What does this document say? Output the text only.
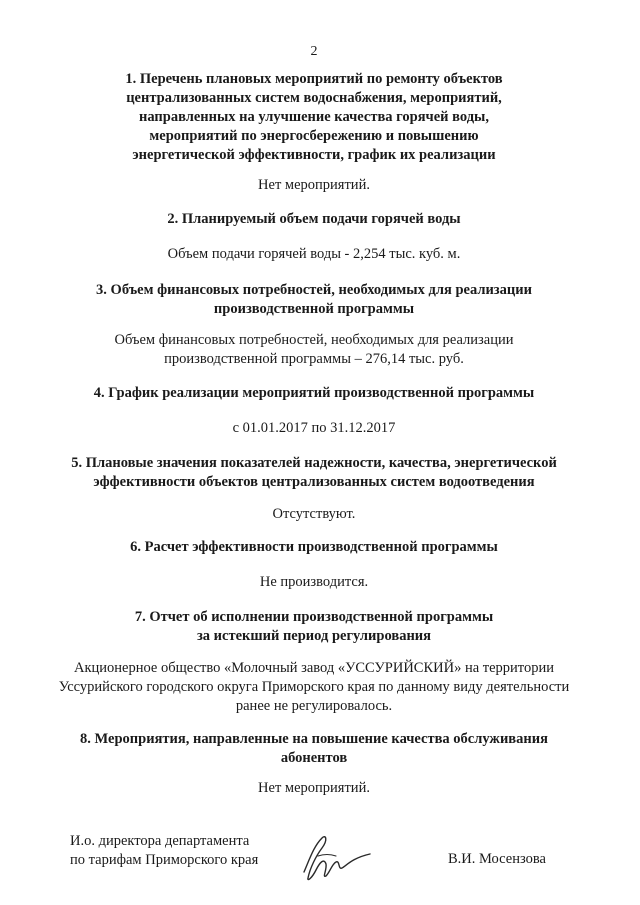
2
1. Перечень плановых мероприятий по ремонту объектов
централизованных систем водоснабжения, мероприятий,
направленных на улучшение качества горячей воды,
мероприятий по энергосбережению и повышению
энергетической эффективности, график их реализации
Нет мероприятий.
2. Планируемый объем подачи горячей воды
Объем подачи горячей воды - 2,254 тыс. куб. м.
3. Объем финансовых потребностей, необходимых для реализации
производственной программы
Объем финансовых потребностей, необходимых для реализации
производственной программы – 276,14 тыс. руб.
4. График реализации мероприятий производственной программы
с 01.01.2017 по 31.12.2017
5. Плановые значения показателей надежности, качества, энергетической
эффективности объектов централизованных систем водоотведения
Отсутствуют.
6. Расчет эффективности производственной программы
Не производится.
7. Отчет об исполнении производственной программы
за истекший период регулирования
Акционерное общество «Молочный завод «УССУРИЙСКИЙ» на территории
Уссурийского городского округа Приморского края по данному виду деятельности
ранее не регулировалось.
8. Мероприятия, направленные на повышение качества обслуживания
абонентов
Нет мероприятий.
И.о. директора департамента
по тарифам Приморского края	В.И. Мосензова
